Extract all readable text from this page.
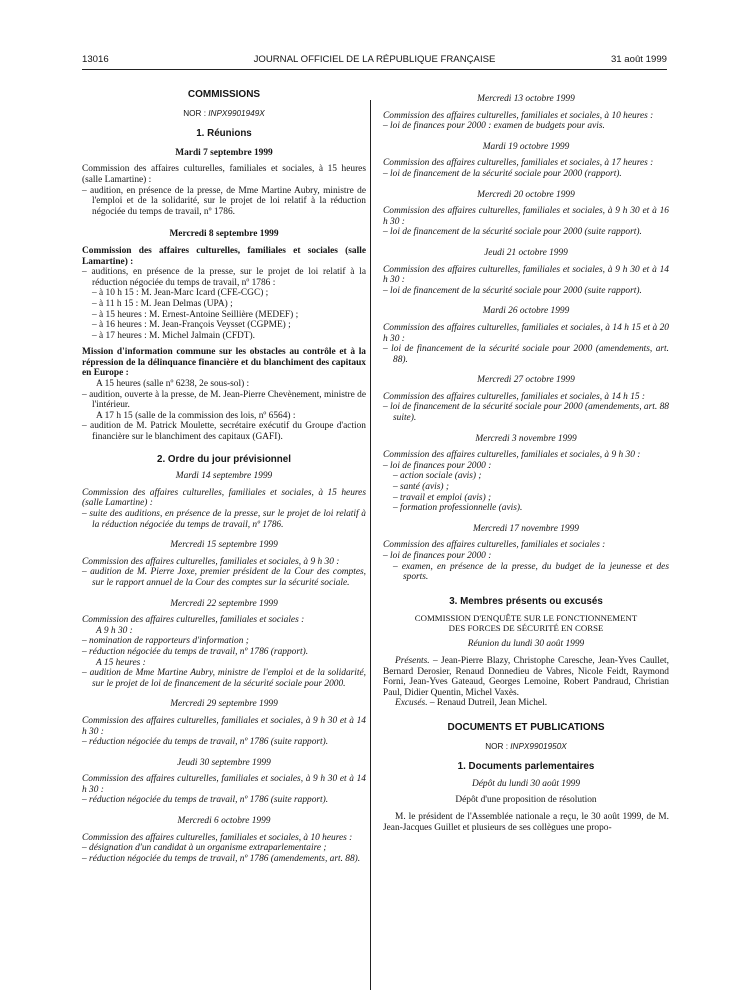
13016	JOURNAL OFFICIEL DE LA RÉPUBLIQUE FRANÇAISE	31 août 1999

COMMISSIONS

NOR : INPX9901949X

1. Réunions

Mardi 7 septembre 1999

Commission des affaires culturelles, familiales et sociales, à 15 heures (salle Lamartine) :

– audition, en présence de la presse, de Mme Martine Aubry, ministre de l'emploi et de la solidarité, sur le projet de loi relatif à la réduction négociée du temps de travail, nº 1786.

Mercredi 8 septembre 1999

Commission des affaires culturelles, familiales et sociales (salle Lamartine) :

– auditions, en présence de la presse, sur le projet de loi relatif à la réduction négociée du temps de travail, nº 1786 :

– à 10 h 15 : M. Jean-Marc Icard (CFE-CGC) ;

– à 11 h 15 : M. Jean Delmas (UPA) ;

– à 15 heures : M. Ernest-Antoine Seillière (MEDEF) ;

– à 16 heures : M. Jean-François Veysset (CGPME) ;

– à 17 heures : M. Michel Jalmain (CFDT).

Mission d'information commune sur les obstacles au contrôle et à la répression de la délinquance financière et du blanchiment des capitaux en Europe :

A 15 heures (salle nº 6238, 2e sous-sol) :

– audition, ouverte à la presse, de M. Jean-Pierre Chevènement, ministre de l'intérieur.

A 17 h 15 (salle de la commission des lois, nº 6564) :

– audition de M. Patrick Moulette, secrétaire exécutif du Groupe d'action financière sur le blanchiment des capitaux (GAFI).

2. Ordre du jour prévisionnel

Mardi 14 septembre 1999

Commission des affaires culturelles, familiales et sociales, à 15 heures (salle Lamartine) :

– suite des auditions, en présence de la presse, sur le projet de loi relatif à la réduction négociée du temps de travail, nº 1786.

Mercredi 15 septembre 1999

Commission des affaires culturelles, familiales et sociales, à 9 h 30 :

– audition de M. Pierre Joxe, premier président de la Cour des comptes, sur le rapport annuel de la Cour des comptes sur la sécurité sociale.

Mercredi 22 septembre 1999

Commission des affaires culturelles, familiales et sociales :

A 9 h 30 :

– nomination de rapporteurs d'information ;

– réduction négociée du temps de travail, nº 1786 (rapport).

A 15 heures :

– audition de Mme Martine Aubry, ministre de l'emploi et de la solidarité, sur le projet de loi de financement de la sécurité sociale pour 2000.

Mercredi 29 septembre 1999

Commission des affaires culturelles, familiales et sociales, à 9 h 30 et à 14 h 30 :

– réduction négociée du temps de travail, nº 1786 (suite rapport).

Jeudi 30 septembre 1999

Commission des affaires culturelles, familiales et sociales, à 9 h 30 et à 14 h 30 :

– réduction négociée du temps de travail, nº 1786 (suite rapport).

Mercredi 6 octobre 1999

Commission des affaires culturelles, familiales et sociales, à 10 heures :

– désignation d'un candidat à un organisme extraparlementaire ;

– réduction négociée du temps de travail, nº 1786 (amendements, art. 88).

Mercredi 13 octobre 1999

Commission des affaires culturelles, familiales et sociales, à 10 heures :

– loi de finances pour 2000 : examen de budgets pour avis.

Mardi 19 octobre 1999

Commission des affaires culturelles, familiales et sociales, à 17 heures :

– loi de financement de la sécurité sociale pour 2000 (rapport).

Mercredi 20 octobre 1999

Commission des affaires culturelles, familiales et sociales, à 9 h 30 et à 16 h 30 :

– loi de financement de la sécurité sociale pour 2000 (suite rapport).

Jeudi 21 octobre 1999

Commission des affaires culturelles, familiales et sociales, à 9 h 30 et à 14 h 30 :

– loi de financement de la sécurité sociale pour 2000 (suite rapport).

Mardi 26 octobre 1999

Commission des affaires culturelles, familiales et sociales, à 14 h 15 et à 20 h 30 :

– loi de financement de la sécurité sociale pour 2000 (amendements, art. 88).

Mercredi 27 octobre 1999

Commission des affaires culturelles, familiales et sociales, à 14 h 15 :

– loi de financement de la sécurité sociale pour 2000 (amendements, art. 88 suite).

Mercredi 3 novembre 1999

Commission des affaires culturelles, familiales et sociales, à 9 h 30 :

– loi de finances pour 2000 :

– action sociale (avis) ;

– santé (avis) ;

– travail et emploi (avis) ;

– formation professionnelle (avis).

Mercredi 17 novembre 1999

Commission des affaires culturelles, familiales et sociales :

– loi de finances pour 2000 :

– examen, en présence de la presse, du budget de la jeunesse et des sports.

3. Membres présents ou excusés

COMMISSION D'ENQUÊTE SUR LE FONCTIONNEMENT DES FORCES DE SÉCURITÉ EN CORSE

Réunion du lundi 30 août 1999

Présents. – Jean-Pierre Blazy, Christophe Caresche, Jean-Yves Caullet, Bernard Derosier, Renaud Donnedieu de Vabres, Nicole Feidt, Raymond Forni, Jean-Yves Gateaud, Georges Lemoine, Robert Pandraud, Christian Paul, Didier Quentin, Michel Vaxès.

Excusés. – Renaud Dutreil, Jean Michel.

DOCUMENTS ET PUBLICATIONS

NOR : INPX9901950X

1. Documents parlementaires

Dépôt du lundi 30 août 1999

Dépôt d'une proposition de résolution

M. le président de l'Assemblée nationale a reçu, le 30 août 1999, de M. Jean-Jacques Guillet et plusieurs de ses collègues une propo-
